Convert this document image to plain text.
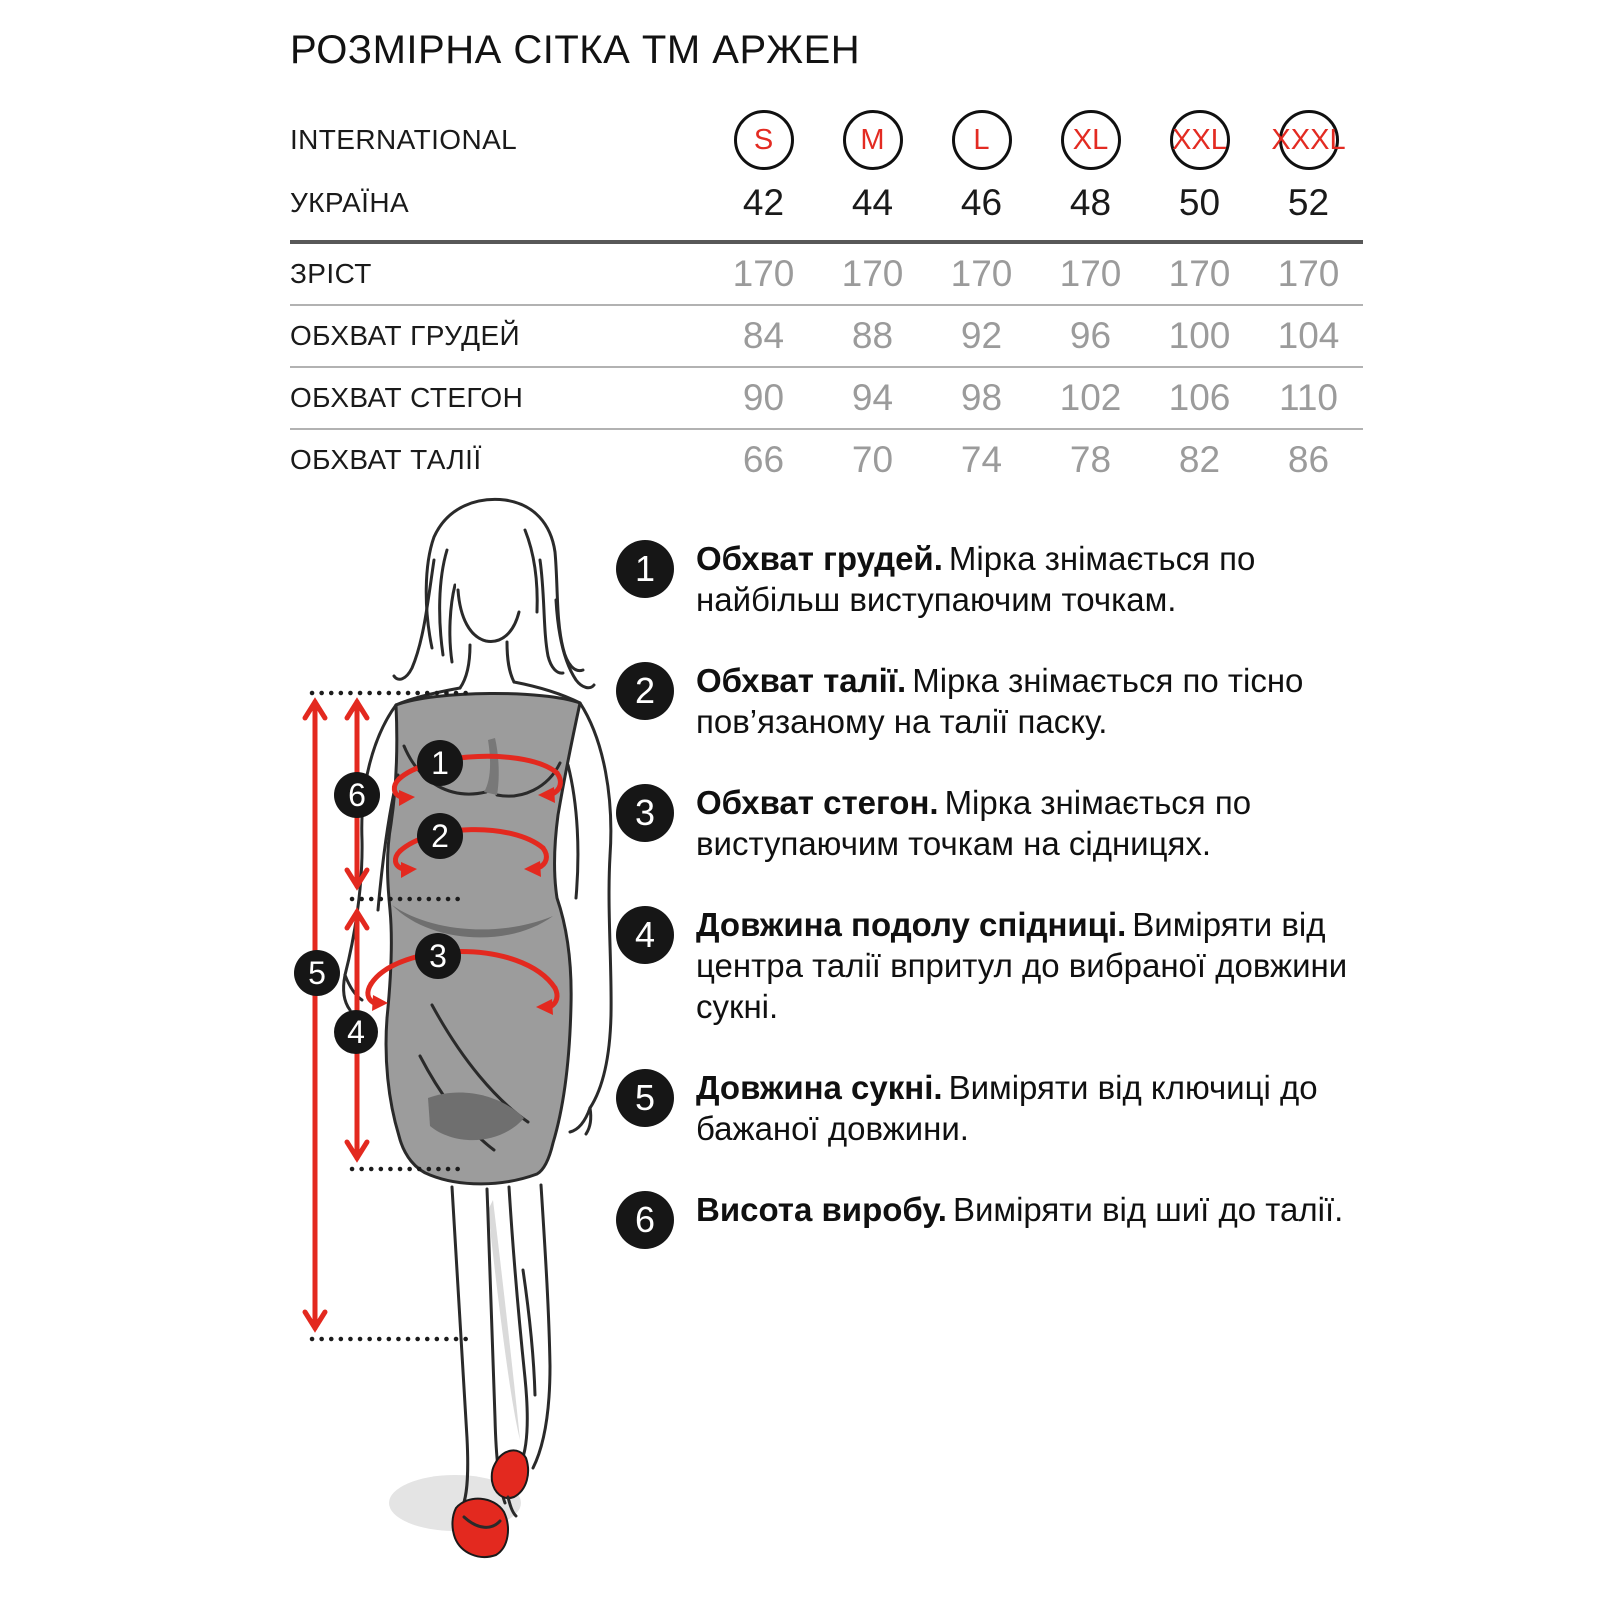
РОЗМІРНА СІТКА ТМ АРЖЕН
INTERNATIONAL	S	M	L	XL XXL XXXL
УКРАЇНА	42	44	46	48	50	52
ЗРІСТ	170	170	170	170	170	170
ОБХВАТ ГРУДЕЙ	84	88	92	96	100	104
ОБХВАТ СТЕГОН	90	94	98	102	106	110
ОБХВАТ ТАЛІЇ	66	70	74	78	82	86
1
2
3
4
5
6
1 Обхват грудей. Мірка знімається по найбільш виступаючим точкам.
2 Обхват талії. Мірка знімається по тісно пов’язаному на талії паску.
3 Обхват стегон. Мірка знімається по виступаючим точкам на сідницях.
4 Довжина подолу спідниці. Виміряти від центра талії впритул до вибраної довжини сукні.
5 Довжина сукні. Виміряти від ключиці до бажаної довжини.
6 Висота виробу. Виміряти від шиї до талії.
